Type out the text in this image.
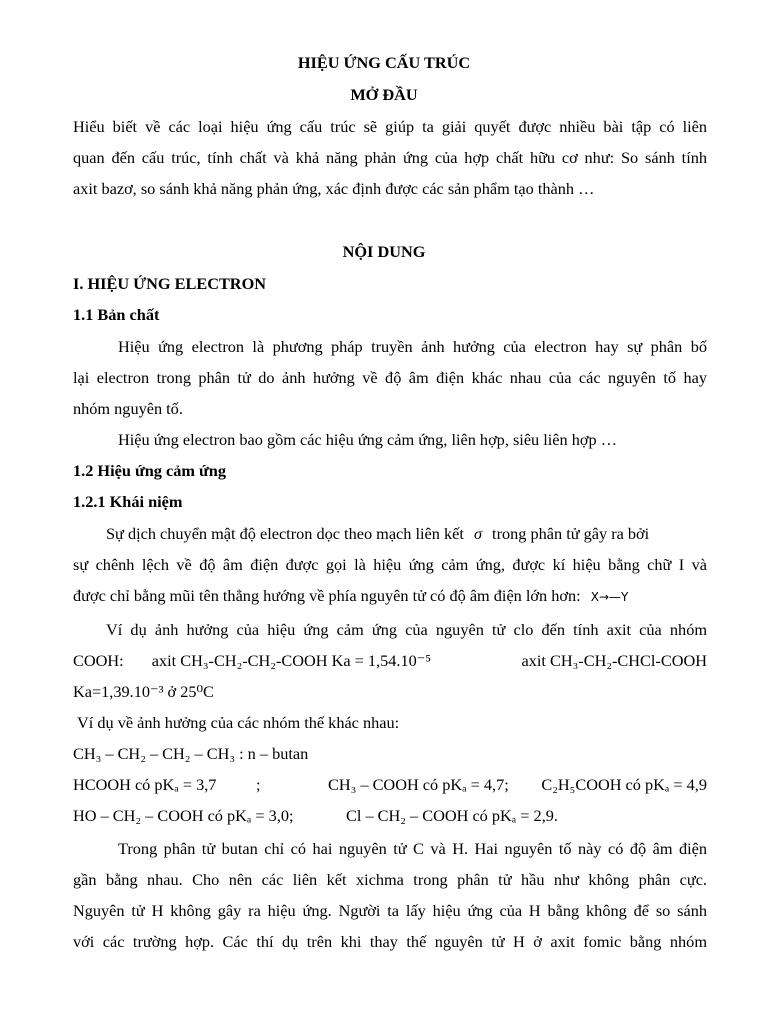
HIỆU ỨNG CẤU TRÚC
MỞ ĐẦU
Hiểu biết về các loại hiệu ứng cấu trúc sẽ giúp ta giải quyết được nhiều bài tập có liên
quan đến cấu trúc, tính chất và khả năng phản ứng của hợp chất hữu cơ như: So sánh tính
axit bazơ, so sánh khả năng phản ứng, xác định được các sản phẩm tạo thành …
NỘI DUNG
I. HIỆU ỨNG ELECTRON
1.1 Bản chất
Hiệu ứng electron là phương pháp truyền ảnh hưởng của electron hay sự phân bố
lại electron trong phân tử do ảnh hưởng về độ âm điện khác nhau của các nguyên tố hay
nhóm nguyên tố.
Hiệu ứng electron bao gồm các hiệu ứng cảm ứng, liên hợp, siêu liên hợp …
1.2 Hiệu ứng cảm ứng
1.2.1 Khái niệm
Sự dịch chuyển mật độ electron dọc theo mạch liên kết σ trong phân tử gây ra bởi
sự chênh lệch về độ âm điện được gọi là hiệu ứng cảm ứng, được kí hiệu bằng chữ I và
được chỉ bằng mũi tên thẳng hướng về phía nguyên tử có độ âm điện lớn hơn: X→—Y
Ví dụ ảnh hưởng của hiệu ứng cảm ứng của nguyên tử clo đến tính axit của nhóm
COOH: axit CH₃-CH₂-CH₂-COOH Ka = 1,54.10⁻⁵	axit CH₃-CH₂-CHCl-COOH
Ka=1,39.10⁻³ ở 25⁰C
Ví dụ về ảnh hưởng của các nhóm thế khác nhau:
CH₃ – CH₂ – CH₂ – CH₃ : n – butan
HCOOH có pKₐ = 3,7 ;	CH₃ – COOH có pKₐ = 4,7; C₂H₅COOH có pKₐ = 4,9
HO – CH₂ – COOH có pKₐ = 3,0;	Cl – CH₂ – COOH có pKₐ = 2,9.
Trong phân tử butan chỉ có hai nguyên tử C và H. Hai nguyên tố này có độ âm điện
gần bằng nhau. Cho nên các liên kết xichma trong phân tử hầu như không phân cực.
Nguyên tử H không gây ra hiệu ứng. Người ta lấy hiệu ứng của H bằng không để so sánh
với các trường hợp. Các thí dụ trên khi thay thế nguyên tử H ở axit fomic bằng nhóm
